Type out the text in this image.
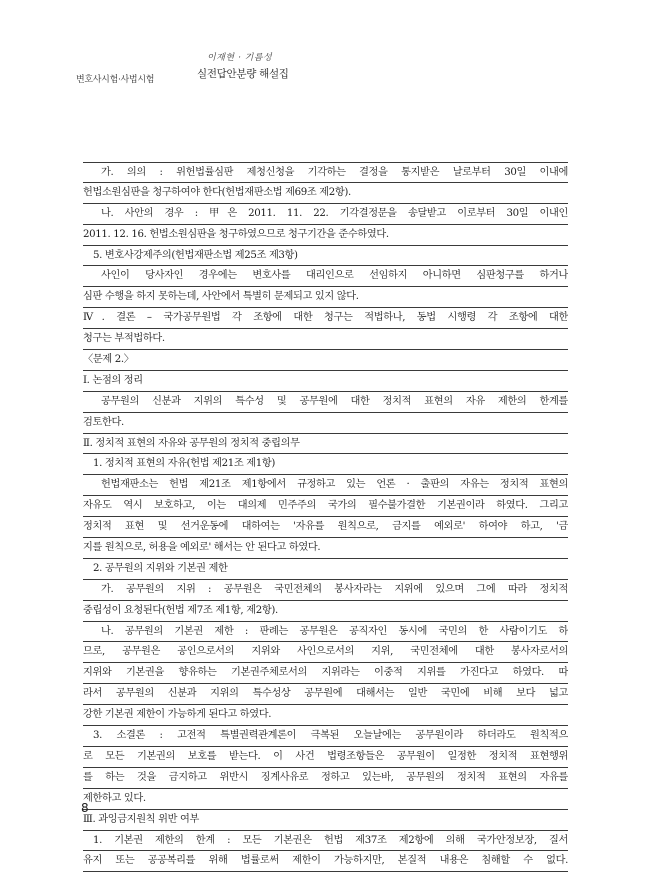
이재현 · 기름성
변호사시험·사법시험	실전답안분량 해설집
가. 의의 : 위헌법률심판 제청신청을 기각하는 결정을 통지받은 날로부터 30일 이내에
헌법소원심판을 청구하여야 한다(헌법재판소법 제69조 제2항).
나. 사안의 경우 : 甲은 2011. 11. 22. 기각결정문을 송달받고 이로부터 30일 이내인
2011. 12. 16. 헌법소원심판을 청구하였으므로 청구기간을 준수하였다.
5. 변호사강제주의(헌법재판소법 제25조 제3항)
사인이 당사자인 경우에는 변호사를 대리인으로 선임하지 아니하면 심판청구를 하거나
심판 수행을 하지 못하는데, 사안에서 특별히 문제되고 있지 않다.
Ⅳ. 결론 – 국가공무원법 각 조항에 대한 청구는 적법하나, 동법 시행령 각 조항에 대한
청구는 부적법하다.
〈문제 2.〉
Ⅰ. 논점의 정리
공무원의 신분과 지위의 특수성 및 공무원에 대한 정치적 표현의 자유 제한의 한계를
검토한다.
Ⅱ. 정치적 표현의 자유와 공무원의 정치적 중립의무
1. 정치적 표현의 자유(헌법 제21조 제1항)
헌법재판소는 헌법 제21조 제1항에서 규정하고 있는 언론 · 출판의 자유는 정치적 표현의
자유도 역시 보호하고, 이는 대의제 민주주의 국가의 필수불가결한 기본권이라 하였다. 그리고
정치적 표현 및 선거운동에 대하여는 '자유를 원칙으로, 금지를 예외로' 하여야 하고, '금
지를 원칙으로, 허용을 예외로' 해서는 안 된다고 하였다.
2. 공무원의 지위와 기본권 제한
가. 공무원의 지위 : 공무원은 국민전체의 봉사자라는 지위에 있으며 그에 따라 정치적
중립성이 요청된다(헌법 제7조 제1항, 제2항).
나. 공무원의 기본권 제한 : 판례는 공무원은 공직자인 동시에 국민의 한 사람이기도 하
므로, 공무원은 공인으로서의 지위와 사인으로서의 지위, 국민전체에 대한 봉사자로서의
지위와 기본권을 향유하는 기본권주체로서의 지위라는 이중적 지위를 가진다고 하였다. 따
라서 공무원의 신분과 지위의 특수성상 공무원에 대해서는 일반 국민에 비해 보다 넓고
강한 기본권 제한이 가능하게 된다고 하였다.
3. 소결론 : 고전적 특별권력관계론이 극복된 오늘날에는 공무원이라 하더라도 원칙적으
로 모든 기본권의 보호를 받는다. 이 사건 법령조항들은 공무원이 일정한 정치적 표현행위
를 하는 것을 금지하고 위반시 징계사유로 정하고 있는바, 공무원의 정치적 표현의 자유를
제한하고 있다.
Ⅲ. 과잉금지원칙 위반 여부
1. 기본권 제한의 한계 : 모든 기본권은 헌법 제37조 제2항에 의해 국가안정보장, 질서
유지 또는 공공복리를 위해 법률로써 제한이 가능하지만, 본질적 내용은 침해할 수 없다.
8
